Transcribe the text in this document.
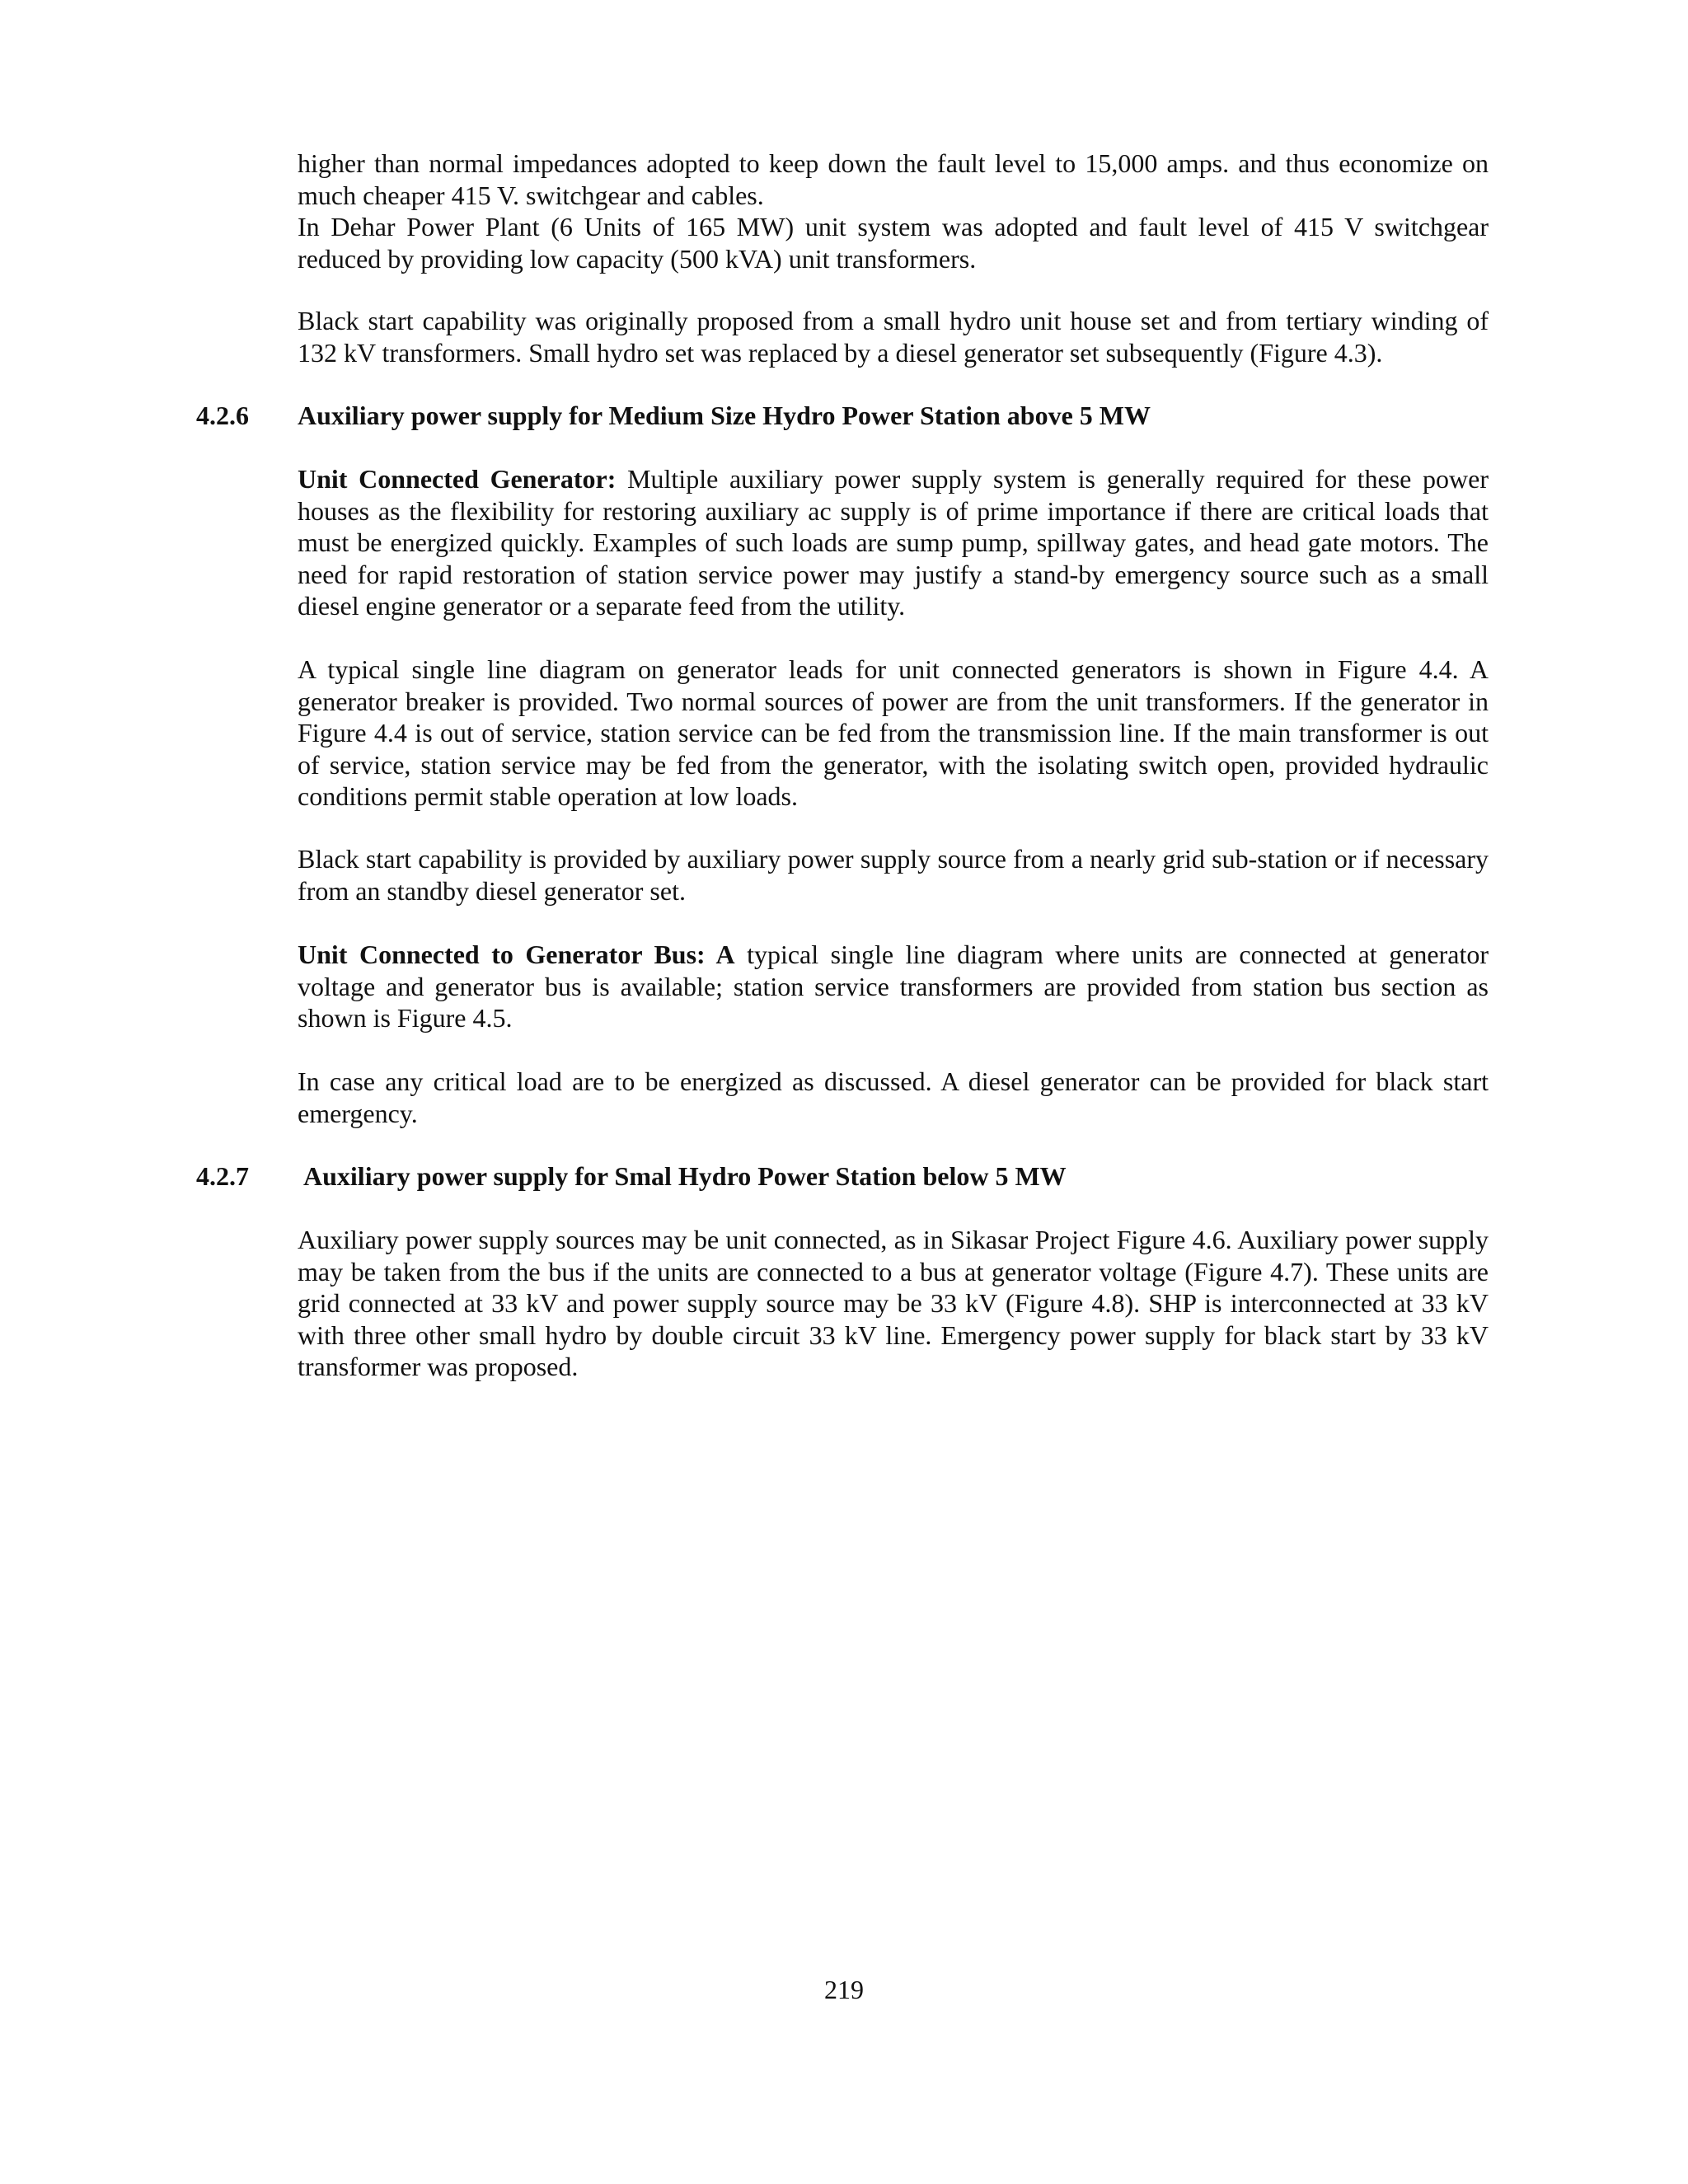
higher than normal impedances adopted to keep down the fault level to 15,000 amps. and thus economize on much cheaper 415 V. switchgear and cables.

In Dehar Power Plant (6 Units of 165 MW) unit system was adopted and fault level of 415 V switchgear reduced by providing low capacity (500 kVA) unit transformers.

Black start capability was originally proposed from a small hydro unit house set and from tertiary winding of 132 kV transformers. Small hydro set was replaced by a diesel generator set subsequently (Figure 4.3).

4.2.6 Auxiliary power supply for Medium Size Hydro Power Station above 5 MW

Unit Connected Generator: Multiple auxiliary power supply system is generally required for these power houses as the flexibility for restoring auxiliary ac supply is of prime importance if there are critical loads that must be energized quickly. Examples of such loads are sump pump, spillway gates, and head gate motors. The need for rapid restoration of station service power may justify a stand-by emergency source such as a small diesel engine generator or a separate feed from the utility.

A typical single line diagram on generator leads for unit connected generators is shown in Figure 4.4. A generator breaker is provided. Two normal sources of power are from the unit transformers. If the generator in Figure 4.4 is out of service, station service can be fed from the transmission line. If the main transformer is out of service, station service may be fed from the generator, with the isolating switch open, provided hydraulic conditions permit stable operation at low loads.

Black start capability is provided by auxiliary power supply source from a nearly grid sub-station or if necessary from an standby diesel generator set.

Unit Connected to Generator Bus: A typical single line diagram where units are connected at generator voltage and generator bus is available; station service transformers are provided from station bus section as shown is Figure 4.5.

In case any critical load are to be energized as discussed. A diesel generator can be provided for black start emergency.

4.2.7 Auxiliary power supply for Smal Hydro Power Station below 5 MW

Auxiliary power supply sources may be unit connected, as in Sikasar Project Figure 4.6. Auxiliary power supply may be taken from the bus if the units are connected to a bus at generator voltage (Figure 4.7). These units are grid connected at 33 kV and power supply source may be 33 kV (Figure 4.8). SHP is interconnected at 33 kV with three other small hydro by double circuit 33 kV line. Emergency power supply for black start by 33 kV transformer was proposed.

219
